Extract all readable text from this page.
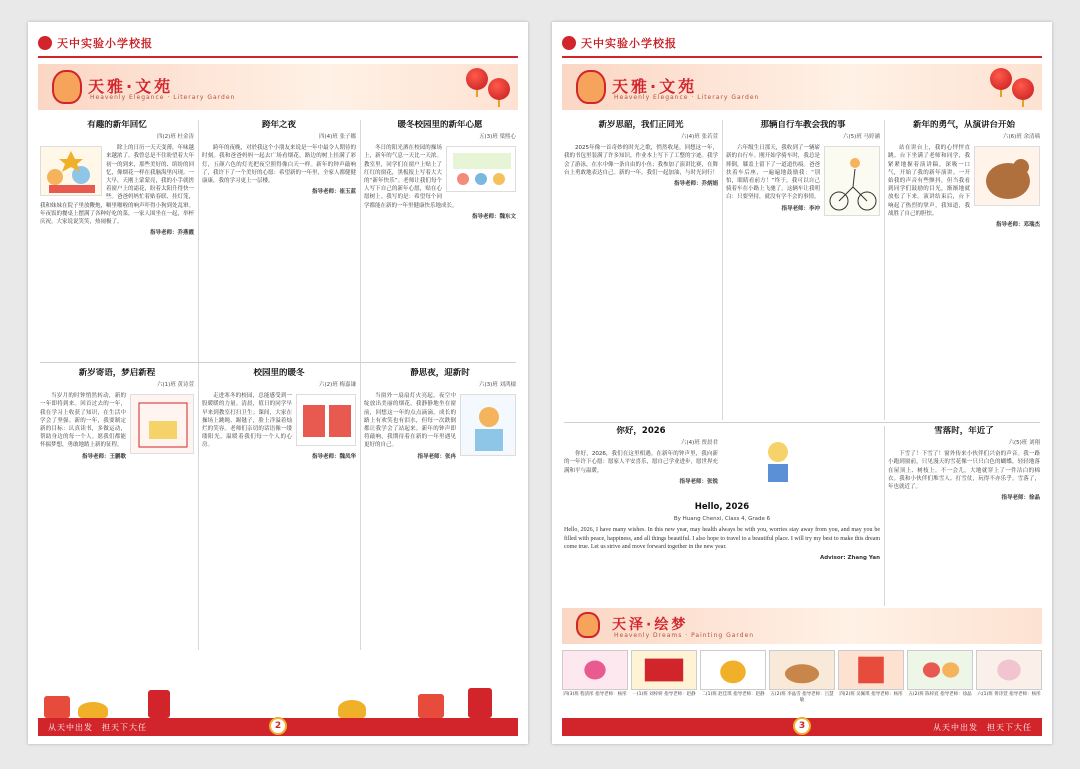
天中实验小学校报
天雅·文苑
Heavenly Elegance · Literary Garden
有趣的新年回忆
四(2)班 杜金涛

除上的日历一天天变薄，年味越来越浓了。我曾总是不住盼望着大年初一的到来，那些美好的、缤纷的回忆，像烟花一样在我脑海里闪现。一大早，天刚上蒙蒙亮，我的小手就搓着窗户上的霜花，盼着太阳升得快一些。爸爸妈妈忙着贴春联、挂灯笼，我和妹妹在院子里放鞭炮，噼里啪啦的响声吓得小狗到处乱窜。年夜饭的餐桌上摆满了各种好吃的菜，一家人围坐在一起，举杯庆祝。大家说说笑笑，热闹极了。

指导老师：乔燕霞
跨年之夜
四(4)班 张子娜

跨年的夜晚，对於我这个小朋友来说是一年中最令人期待的时刻。我和爸爸妈妈一起去广场看烟花，路边的树上挂满了彩灯，五颜六色的灯光把夜空照得像白天一样。新年的钟声敲响了，我许下了一个美好的心愿：希望新的一年里，全家人都健健康康，我的学习更上一层楼。

指导老师：崔玉蓝
暖冬校园里的新年心愿
五(3)班 梁熙心

冬日的阳光洒在校园的操场上，新年的气息一天比一天浓。教室里，同学们在窗户上贴上了红红的窗花，黑板报上写着大大的“新年快乐”。老师让我们每个人写下自己的新年心愿，贴在心愿树上。我写的是：希望每个同学都能在新的一年里健康快乐地成长。

指导老师：魏东文
新岁寄语，梦启新程
六(1)班 黄诗萱

当岁月的时钟悄然转动，新的一年即将到来。回首过去的一年，我在学习上收获了知识，在生活中学会了坚强。新的一年，我要制定新的目标：认真读书，多做运动，帮助身边的每一个人。愿我们都能怀揣梦想，勇敢地踏上新的征程。

指导老师：王鹏歌
校园里的暖冬
六(2)班 梅嘉谦

走进寒冬的校园，总能感受到一股暖暖的力量。清晨，值日的同学早早来到教室打扫卫生；课间，大家在操场上跳绳、踢毽子，脸上洋溢着灿烂的笑容。老师们亲切的话语像一缕缕阳光，温暖着我们每一个人的心房。

指导老师：魏凤华
静思夜，迎新时
六(3)班 刘鸿棣

当窗外一扇扇灯火亮起，夜空中绽放出美丽的烟花，我静静地坐在窗前，回想这一年的点点滴滴。成长的路上有欢笑也有泪水，但每一次跌倒都让我学会了站起来。新年的钟声即将敲响，我期待着在新的一年里遇见更好的自己。

指导老师：张冉
从天中出发　担天下大任	2
天中实验小学校报
天雅·文苑
Heavenly Elegance · Literary Garden
新岁思韶，我们正同光
六(4)班 张若萱

2025年像一首奇妙的时光之歌，悄然收尾。回想这一年，我的书包里装满了许多知识，作业本上写下了工整的字迹。我学会了游泳，在水中像一条自由的小鱼；我参加了演讲比赛，在舞台上勇敢地表达自己。新的一年，我们一起加油，与时光同行！

指导老师：乔炳娟
那辆自行车教会我的事
六(5)班 马婷涵

六年级生日那天，我收到了一辆崭新的自行车。刚开始学骑车时，我总是摔倒，膝盖上留下了一道道伤痕。爸爸扶着车后座，一遍遍地鼓励我：“别怕，眼睛看前方！”终于，我可以自己骑着车在小路上飞驰了。这辆车让我明白：只要坚持，就没有学不会的事情。

指导老师：李冲
新年的勇气，从演讲台开始
六(6)班 余清瑀

站在讲台上，我的心怦怦直跳。台下坐满了老师和同学，我紧紧地握着演讲稿，深吸一口气，开始了我的新年演讲。一开始我的声音有些颤抖，但当我看到同学们鼓励的目光，渐渐地就放松了下来。演讲结束后，台下响起了热烈的掌声，我知道，我战胜了自己的胆怯。

指导老师：邓瑞杰
你好，2026
六(4)班 贾晨君

你好，2026，我们在这里相遇。在新年的钟声里，我向新的一年许下心愿：愿家人平安喜乐，愿自己学业进步，愿世界充满和平与温暖。

指导老师：张锐
Hello, 2026
By Huang Chenxi, Class 4, Grade 6

Hello, 2026, I have many wishes. In this new year, may health always be with you, worries stay away from you, and may you be filled with peace, happiness, and all things beautiful. I also hope to travel to a beautiful place. I will try my best to make this dream come true. Let us strive and move forward together in the new year.

Advisor: Zhang Yan
雪落时，年近了
六(5)班 刘翔

下雪了！下雪了！窗外传来小伙伴们兴奋的声音。我一路小跑到窗前，只见漫天的雪花像一只只白色的蝴蝶，轻轻地落在屋顶上、树枝上。不一会儿，大地就穿上了一件洁白的棉衣。我和小伙伴们堆雪人、打雪仗，玩得不亦乐乎。雪落了，年也就近了。

指导老师：徐晶
天泽·绘梦
Heavenly Dreams · Painting Garden
四(3)班 程清彤 指导老师：杨彤 一(1)班 刘梓妍 指导老师：赵静 二(1)班 赵佳琪 指导老师：赵静	五(2)班 李晶雪 指导老师：吕慧敏
四(2)班 吴佩琪 指导老师：杨彤 五(2)班 陈梓宸 指导老师：徐晶 六(1)班 黄诗萱 指导老师：杨彤
从天中出发　担天下大任
3
